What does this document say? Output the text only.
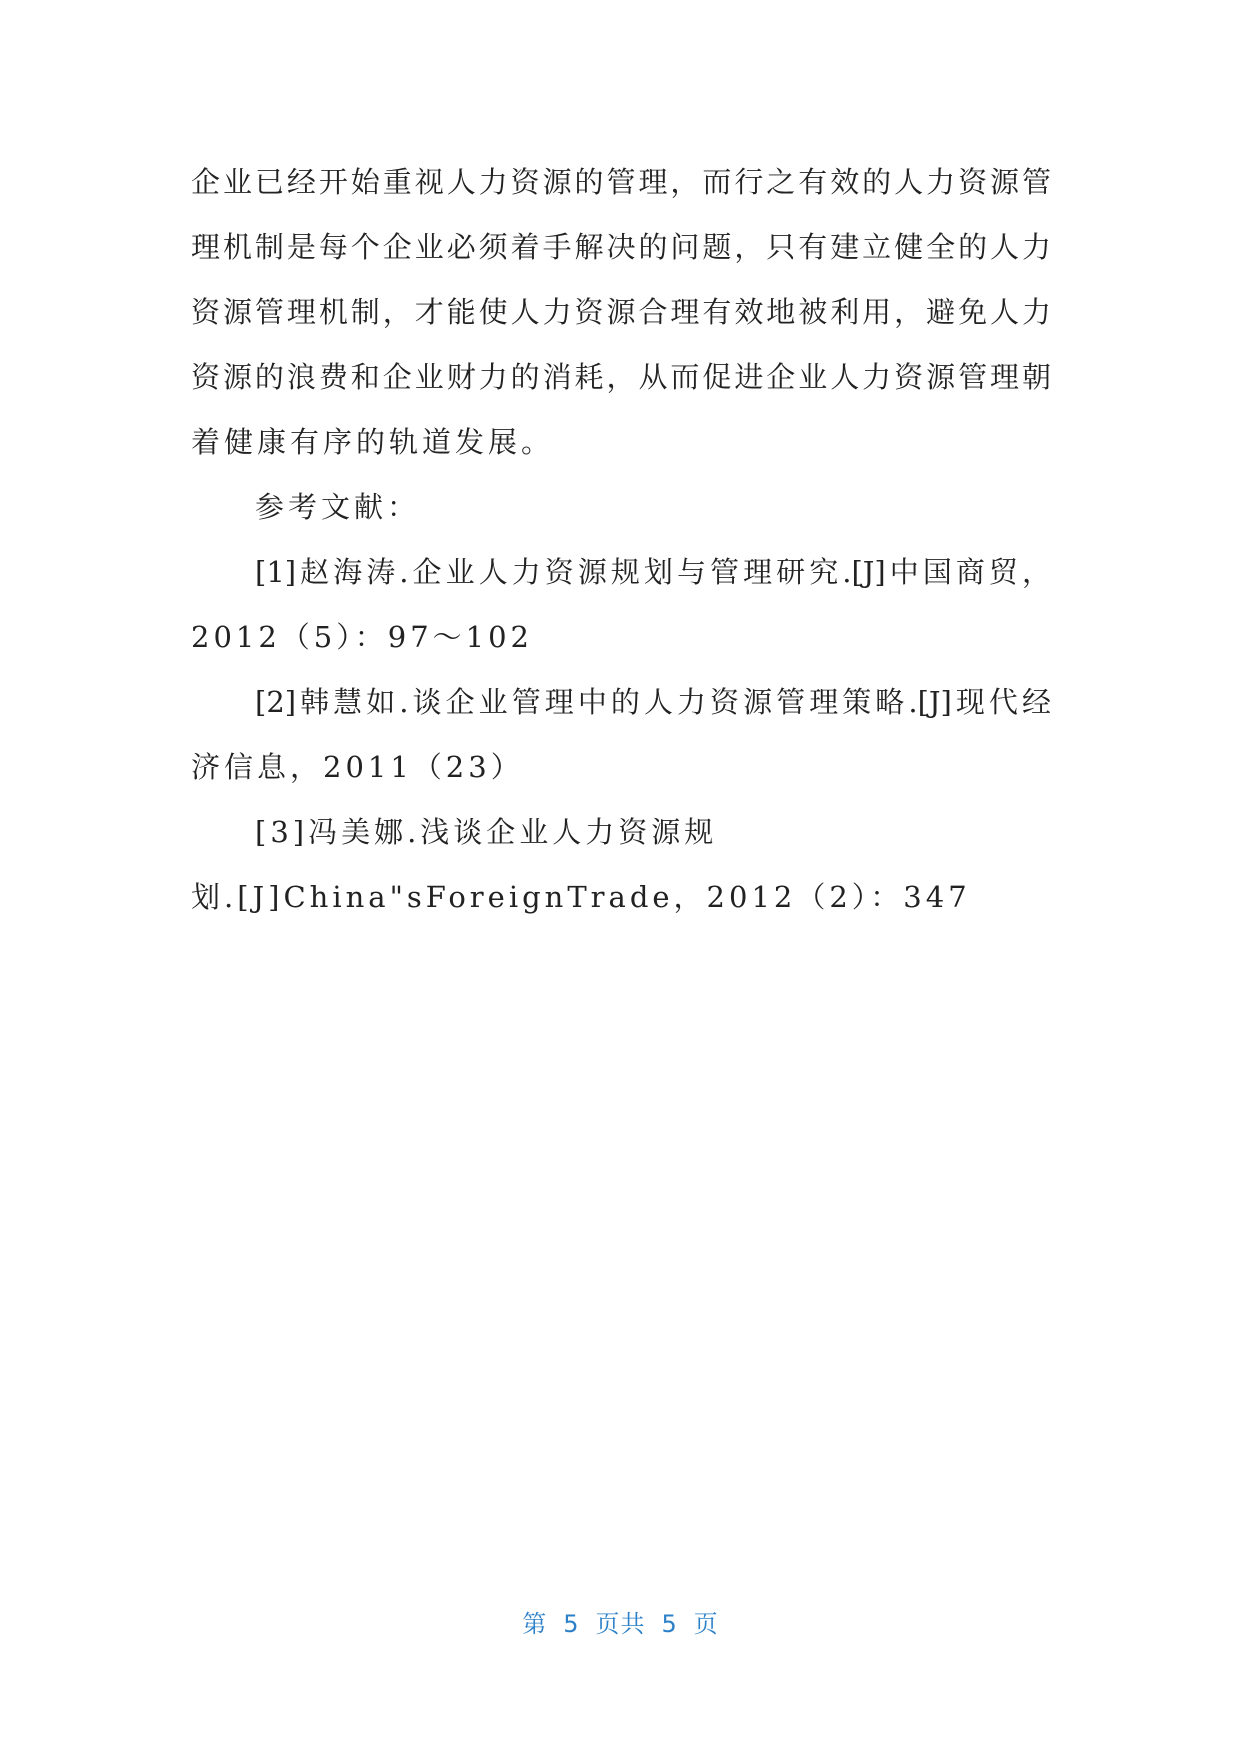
企业已经开始重视人力资源的管理，而行之有效的人力资源管
理机制是每个企业必须着手解决的问题，只有建立健全的人力
资源管理机制，才能使人力资源合理有效地被利用，避免人力
资源的浪费和企业财力的消耗，从而促进企业人力资源管理朝
着健康有序的轨道发展。
参考文献：
[1]赵海涛.企业人力资源规划与管理研究.[J]中国商贸，
2012（5）：97～102
[2]韩慧如.谈企业管理中的人力资源管理策略.[J]现代经
济信息，2011（23）
[3]冯美娜.浅谈企业人力资源规
划.[J]China"sForeignTrade，2012（2）：347
第 5 页共 5 页
